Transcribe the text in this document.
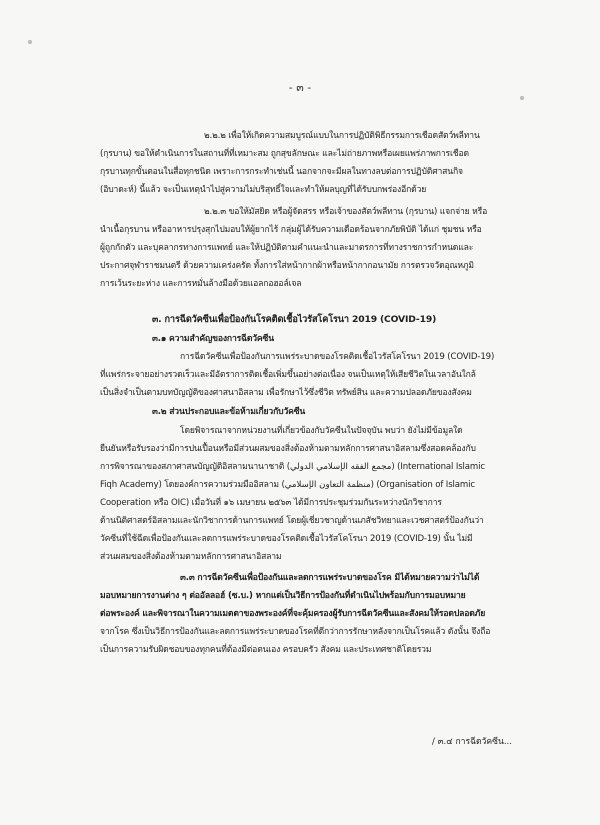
- ๓ -
๒.๒.๒ เพื่อให้เกิดความสมบูรณ์แบบในการปฏิบัติพิธีกรรมการเชือดสัตว์พลีทาน
(กุรบาน) ขอให้ดำเนินการในสถานที่ที่เหมาะสม ถูกสุขลักษณะ และไม่ถ่ายภาพหรือเผยแพร่ภาพการเชือด
กุรบานทุกขั้นตอนในสื่อทุกชนิด เพราะการกระทำเช่นนี้ นอกจากจะมีผลในทางลบต่อการปฏิบัติศาสนกิจ
(อิบาดะห์) นี้แล้ว จะเป็นเหตุนำไปสู่ความไม่บริสุทธิ์ใจและทำให้ผลบุญที่ได้รับบกพร่องอีกด้วย
๒.๒.๓ ขอให้มัสยิด หรือผู้จัดสรร หรือเจ้าของสัตว์พลีทาน (กุรบาน) แจกจ่าย หรือ
นำเนื้อกุรบาน หรืออาหารปรุงสุกไปมอบให้ผู้ยากไร้ กลุ่มผู้ได้รับความเดือดร้อนจากภัยพิบัติ ได้แก่ ชุมชน หรือ
ผู้ถูกกักตัว และบุคลากรทางการแพทย์ และให้ปฏิบัติตามคำแนะนำและมาตรการที่ทางราชการกำหนดและ
ประกาศจุฬาราชมนตรี ด้วยความเคร่งครัด ทั้งการใส่หน้ากากผ้าหรือหน้ากากอนามัย การตรวจวัดอุณหภูมิ
การเว้นระยะห่าง และการหมั่นล้างมือด้วยแอลกอฮอล์เจล
๓. การฉีดวัคซีนเพื่อป้องกันโรคติดเชื้อไวรัสโคโรนา 2019 (COVID-19)
๓.๑ ความสำคัญของการฉีดวัคซีน
การฉีดวัคซีนเพื่อป้องกันการแพร่ระบาดของโรคติดเชื้อไวรัสโคโรนา 2019 (COVID-19)
ที่แพร่กระจายอย่างรวดเร็วและมีอัตราการติดเชื้อเพิ่มขึ้นอย่างต่อเนื่อง จนเป็นเหตุให้เสียชีวิตในเวลาอันใกล้
เป็นสิ่งจำเป็นตามบทบัญญัติของศาสนาอิสลาม เพื่อรักษาไว้ซึ่งชีวิต ทรัพย์สิน และความปลอดภัยของสังคม
๓.๒ ส่วนประกอบและข้อห้ามเกี่ยวกับวัคซีน
โดยพิจารณาจากหน่วยงานที่เกี่ยวข้องกับวัคซีนในปัจจุบัน พบว่า ยังไม่มีข้อมูลใด
ยืนยันหรือรับรองว่ามีการปนเปื้อนหรือมีส่วนผสมของสิ่งต้องห้ามตามหลักการศาสนาอิสลามซึ่งสอดคล้องกับ
การพิจารณาของสภาศาสนบัญญัติอิสลามนานาชาติ (مجمع الفقه الإسلامي الدولي) (International Islamic
Fiqh Academy) โดยองค์การความร่วมมืออิสลาม (منظمة التعاون الإسلامي) (Organisation of Islamic
Cooperation หรือ OIC) เมื่อวันที่ ๑๖ เมษายน ๒๕๖๓ ได้มีการประชุมร่วมกันระหว่างนักวิชาการ
ด้านนิติศาสตร์อิสลามและนักวิชาการด้านการแพทย์ โดยผู้เชี่ยวชาญด้านเภสัชวิทยาและเวชศาสตร์ป้องกันว่า
วัคซีนที่ใช้ฉีดเพื่อป้องกันและลดการแพร่ระบาดของโรคติดเชื้อไวรัสโคโรนา 2019 (COVID-19) นั้น ไม่มี
ส่วนผสมของสิ่งต้องห้ามตามหลักการศาสนาอิสลาม
๓.๓ การฉีดวัคซีนเพื่อป้องกันและลดการแพร่ระบาดของโรค มิได้หมายความว่าไม่ได้
มอบหมายการงานต่าง ๆ ต่ออัลลอฮ์ (ซ.บ.) หากแต่เป็นวิธีการป้องกันที่ดำเนินไปพร้อมกับการมอบหมาย
ต่อพระองค์ และพิจารณาในความเมตตาของพระองค์ที่จะคุ้มครองผู้รับการฉีดวัคซีนและสังคมให้รอดปลอดภัย
จากโรค ซึ่งเป็นวิธีการป้องกันและลดการแพร่ระบาดของโรคที่ดีกว่าการรักษาหลังจากเป็นโรคแล้ว ดังนั้น จึงถือ
เป็นการความรับผิดชอบของทุกคนที่ต้องมีต่อตนเอง ครอบครัว สังคม และประเทศชาติโดยรวม
/ ๓.๔ การฉีดวัคซีน...
